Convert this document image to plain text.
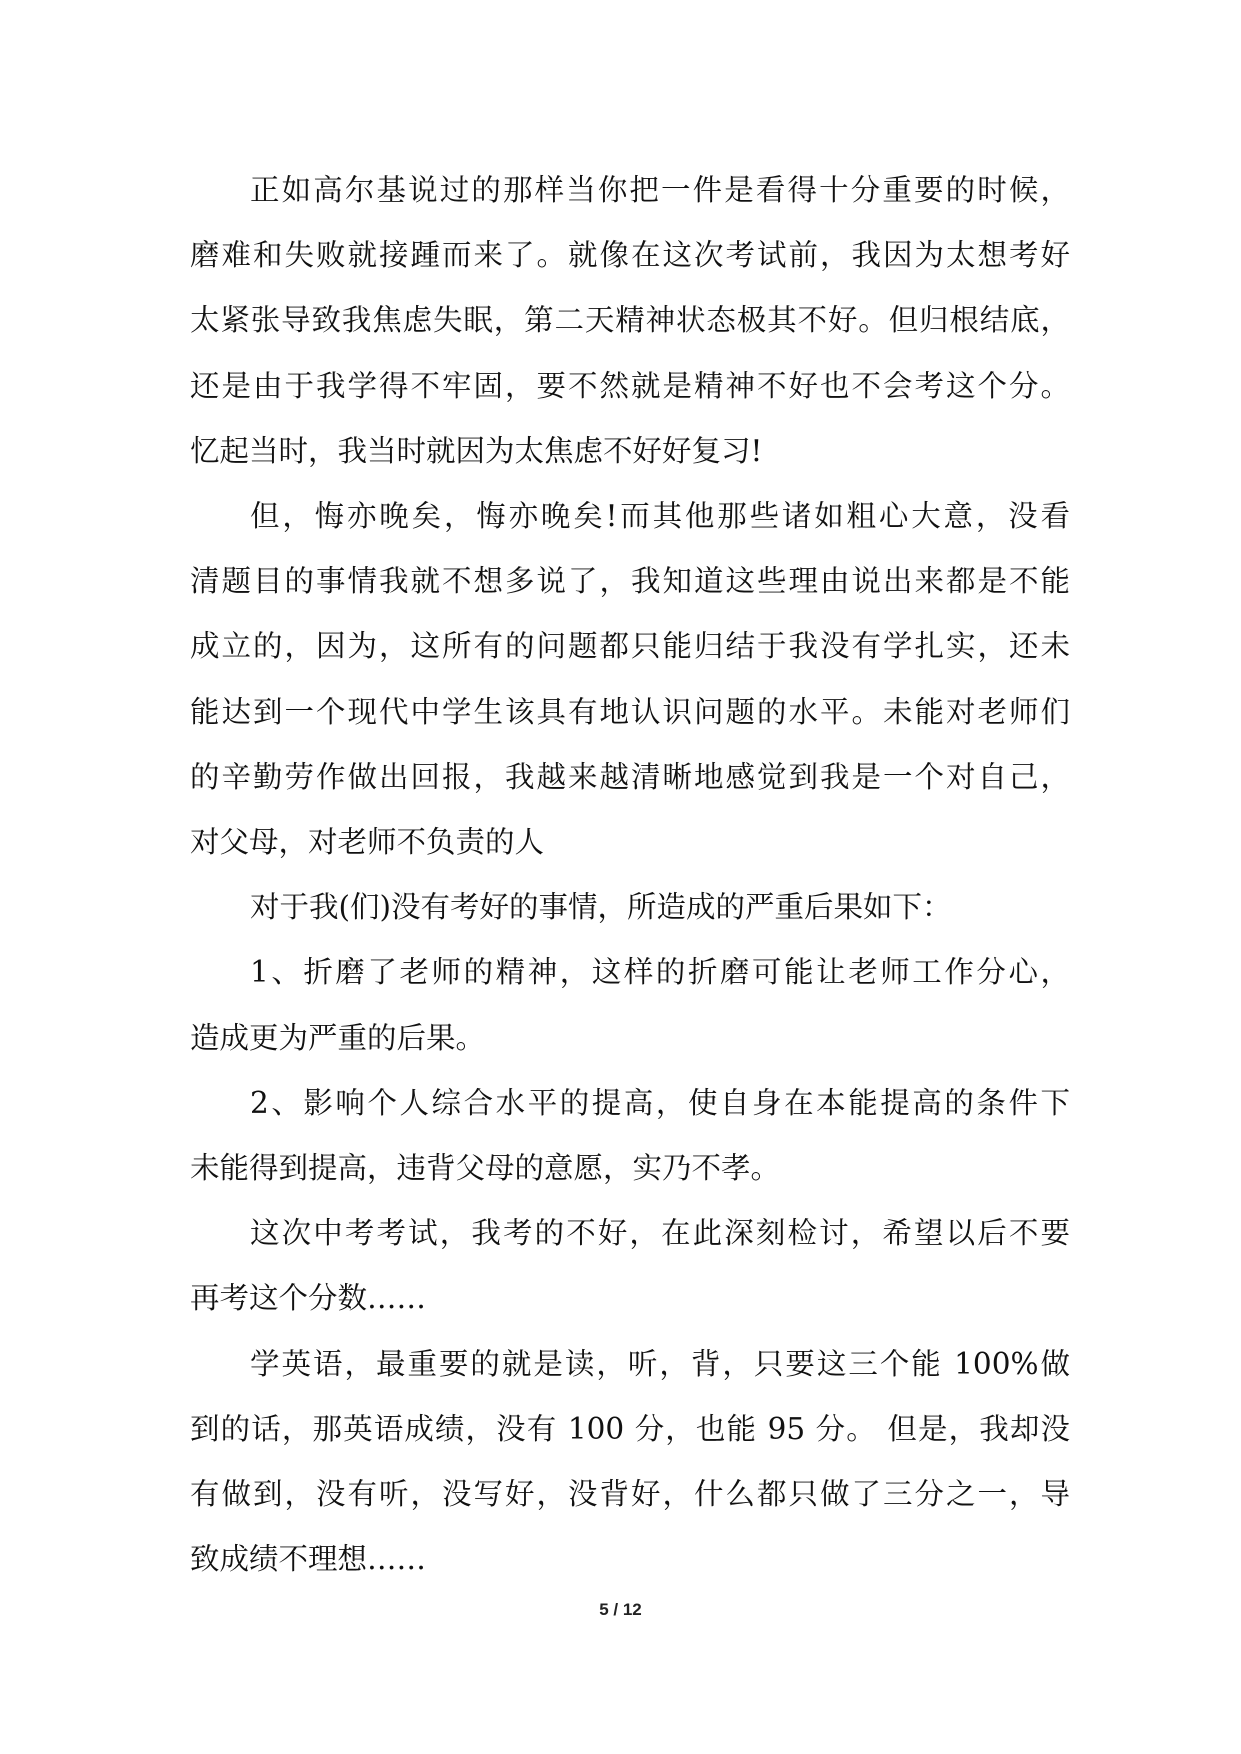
正如高尔基说过的那样当你把一件是看得十分重要的时候，
磨难和失败就接踵而来了。就像在这次考试前，我因为太想考好
太紧张导致我焦虑失眠，第二天精神状态极其不好。但归根结底，
还是由于我学得不牢固，要不然就是精神不好也不会考这个分。
忆起当时，我当时就因为太焦虑不好好复习!

但，悔亦晚矣，悔亦晚矣!而其他那些诸如粗心大意，没看
清题目的事情我就不想多说了，我知道这些理由说出来都是不能
成立的，因为，这所有的问题都只能归结于我没有学扎实，还未
能达到一个现代中学生该具有地认识问题的水平。未能对老师们
的辛勤劳作做出回报，我越来越清晰地感觉到我是一个对自己，
对父母，对老师不负责的人

对于我(们)没有考好的事情，所造成的严重后果如下：

1、折磨了老师的精神，这样的折磨可能让老师工作分心，
造成更为严重的后果。

2、影响个人综合水平的提高，使自身在本能提高的条件下
未能得到提高，违背父母的意愿，实乃不孝。

这次中考考试，我考的不好，在此深刻检讨，希望以后不要
再考这个分数……

学英语，最重要的就是读，听，背，只要这三个能 100%做
到的话，那英语成绩，没有 100 分，也能 95 分。 但是，我却没
有做到，没有听，没写好，没背好，什么都只做了三分之一，导
致成绩不理想……

5 / 12
